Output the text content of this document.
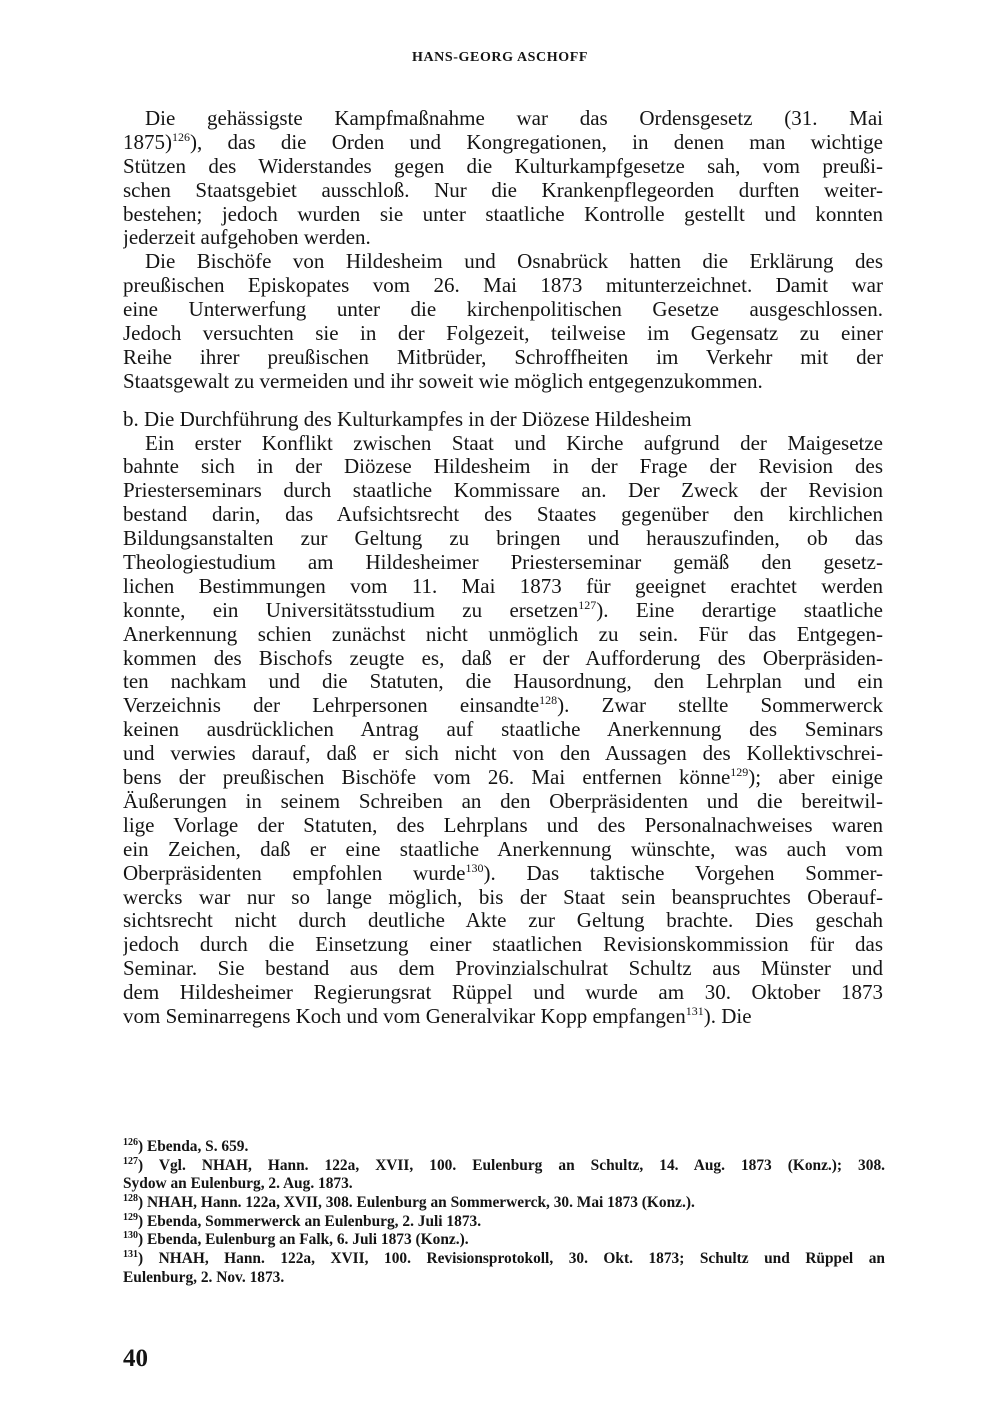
HANS-GEORG ASCHOFF
Die gehässigste Kampfmaßnahme war das Ordensgesetz (31. Mai
1875)$^{126}$), das die Orden und Kongregationen, in denen man wichtige
Stützen des Widerstandes gegen die Kulturkampfgesetze sah, vom preußi-
schen Staatsgebiet ausschloß. Nur die Krankenpflegeorden durften weiter-
bestehen; jedoch wurden sie unter staatliche Kontrolle gestellt und konnten
jederzeit aufgehoben werden.
Die Bischöfe von Hildesheim und Osnabrück hatten die Erklärung des
preußischen Episkopates vom 26. Mai 1873 mitunterzeichnet. Damit war
eine Unterwerfung unter die kirchenpolitischen Gesetze ausgeschlossen.
Jedoch versuchten sie in der Folgezeit, teilweise im Gegensatz zu einer
Reihe ihrer preußischen Mitbrüder, Schroffheiten im Verkehr mit der
Staatsgewalt zu vermeiden und ihr soweit wie möglich entgegenzukommen.
b. Die Durchführung des Kulturkampfes in der Diözese Hildesheim
Ein erster Konflikt zwischen Staat und Kirche aufgrund der Maigesetze
bahnte sich in der Diözese Hildesheim in der Frage der Revision des
Priesterseminars durch staatliche Kommissare an. Der Zweck der Revision
bestand darin, das Aufsichtsrecht des Staates gegenüber den kirchlichen
Bildungsanstalten zur Geltung zu bringen und herauszufinden, ob das
Theologiestudium am Hildesheimer Priesterseminar gemäß den gesetz-
lichen Bestimmungen vom 11. Mai 1873 für geeignet erachtet werden
konnte, ein Universitätsstudium zu ersetzen$^{127}$). Eine derartige staatliche
Anerkennung schien zunächst nicht unmöglich zu sein. Für das Entgegen-
kommen des Bischofs zeugte es, daß er der Aufforderung des Oberpräsiden-
ten nachkam und die Statuten, die Hausordnung, den Lehrplan und ein
Verzeichnis der Lehrpersonen einsandte$^{128}$). Zwar stellte Sommerwerck
keinen ausdrücklichen Antrag auf staatliche Anerkennung des Seminars
und verwies darauf, daß er sich nicht von den Aussagen des Kollektivschrei-
bens der preußischen Bischöfe vom 26. Mai entfernen könne$^{129}$); aber einige
Äußerungen in seinem Schreiben an den Oberpräsidenten und die bereitwil-
lige Vorlage der Statuten, des Lehrplans und des Personalnachweises waren
ein Zeichen, daß er eine staatliche Anerkennung wünschte, was auch vom
Oberpräsidenten empfohlen wurde$^{130}$). Das taktische Vorgehen Sommer-
wercks war nur so lange möglich, bis der Staat sein beanspruchtes Oberauf-
sichtsrecht nicht durch deutliche Akte zur Geltung brachte. Dies geschah
jedoch durch die Einsetzung einer staatlichen Revisionskommission für das
Seminar. Sie bestand aus dem Provinzialschulrat Schultz aus Münster und
dem Hildesheimer Regierungsrat Rüppel und wurde am 30. Oktober 1873
vom Seminarregens Koch und vom Generalvikar Kopp empfangen$^{131}$). Die
$^{126}$) Ebenda, S. 659.
$^{127}$) Vgl. NHAH, Hann. 122a, XVII, 100. Eulenburg an Schultz, 14. Aug. 1873 (Konz.); 308.
Sydow an Eulenburg, 2. Aug. 1873.
$^{128}$) NHAH, Hann. 122a, XVII, 308. Eulenburg an Sommerwerck, 30. Mai 1873 (Konz.).
$^{129}$) Ebenda, Sommerwerck an Eulenburg, 2. Juli 1873.
$^{130}$) Ebenda, Eulenburg an Falk, 6. Juli 1873 (Konz.).
$^{131}$) NHAH, Hann. 122a, XVII, 100. Revisionsprotokoll, 30. Okt. 1873; Schultz und Rüppel an
Eulenburg, 2. Nov. 1873.
40
